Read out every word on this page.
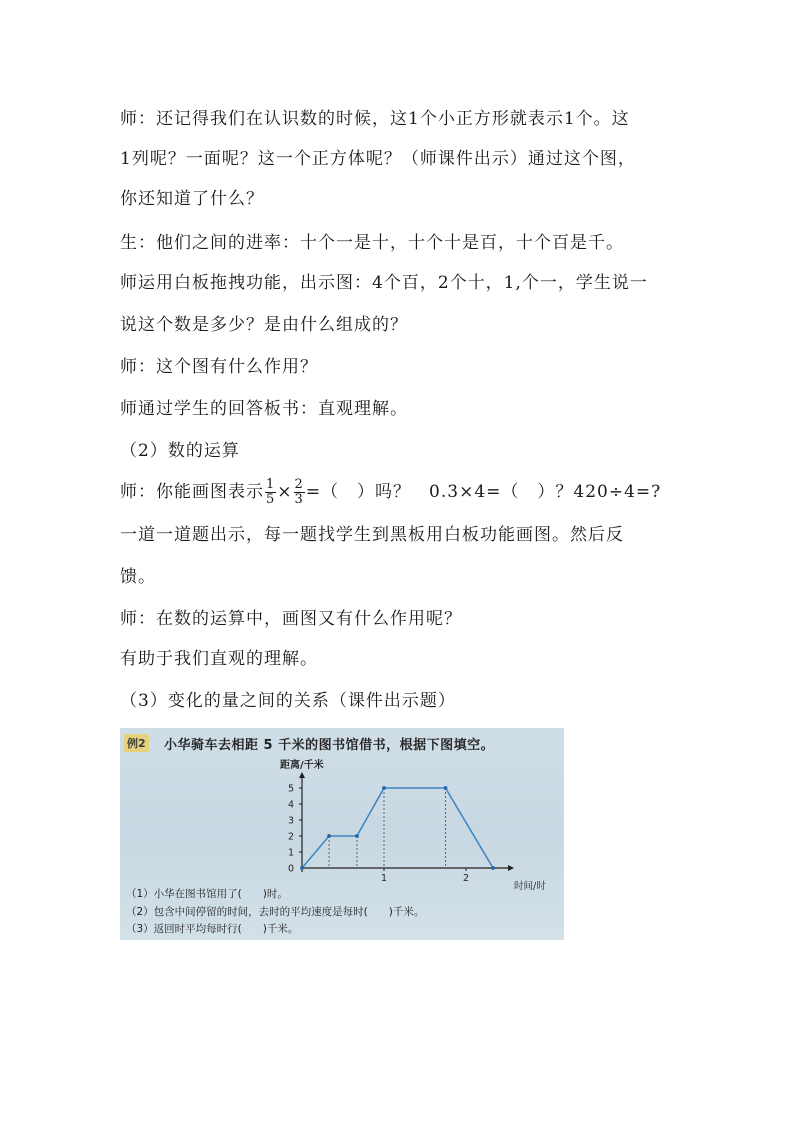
师：还记得我们在认识数的时候，这1个小正方形就表示1个。这
1列呢？一面呢？这一个正方体呢？（师课件出示）通过这个图，
你还知道了什么？
生：他们之间的进率：十个一是十，十个十是百，十个百是千。
师运用白板拖拽功能，出示图：4个百，2个十，1,个一，学生说一
说这个数是多少？是由什么组成的？
师：这个图有什么作用？
师通过学生的回答板书：直观理解。
（2）数的运算
师：你能画图表示 $\frac{1}{5} \times \frac{2}{3}$ =（　）吗？　0.3×4=（　）？420÷4=?
一道一道题出示，每一题找学生到黑板用白板功能画图。然后反
馈。
师：在数的运算中，画图又有什么作用呢？
有助于我们直观的理解。
（3）变化的量之间的关系（课件出示题）
例2 小华骑车去相距 5 千米的图书馆借书，根据下图填空。
距离/千米
时间/时
0
1
2
3
4
5
1	2
（1）小华在图书馆用了(　　)时。
（2）包含中间停留的时间，去时的平均速度是每时(　　)千米。
（3）返回时平均每时行(　　)千米。
